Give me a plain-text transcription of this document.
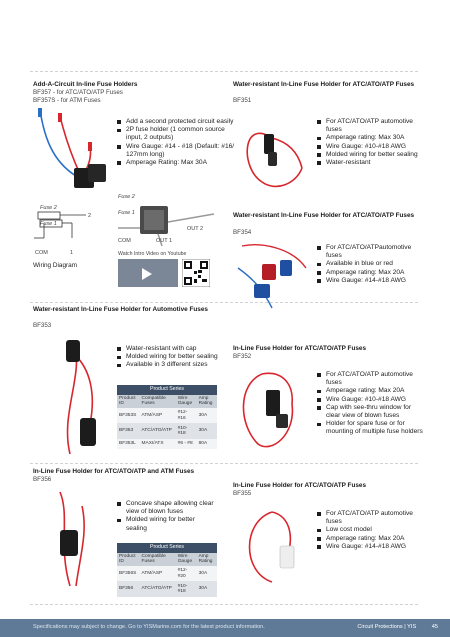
Add-A-Circuit In-line Fuse Holders
BF357 - for ATC/ATO/ATP Fuses
BF357S - for ATM Fuses
Add a second protected circuit easily
2P fuse holder (1 common source input, 2 outputs)
Wire Gauge: #14 - #18 (Default: #16/ 127mm long)
Amperage Rating: Max 30A
Fuse 2
Fuse 1
2
COM	1
Wiring Diagram
Fuse 2
Fuse 1
OUT 2
COM	OUT 1
Watch Intro Video on Youtube
Water-resistant In-Line Fuse Holder for ATC/ATO/ATP Fuses
BF351
For ATC/ATO/ATP automotive fuses
Amperage rating: Max 30A
Wire Gauge: #10-#18 AWG
Molded wiring for better sealing
Water-resistant
Water-resistant In-Line Fuse Holder for ATC/ATO/ATP Fuses
BF354
For ATC/ATO/ATPautomotive fuses
Available in blue or red
Amperage rating: Max 20A
Wire Gauge: #14-#18 AWG
Water-resistant In-Line Fuse Holder for Automotive Fuses
BF353
Water-resistant with cap
Molded wiring for better sealing
Available in 3 different sizes
Product Series			
Product ID	Compatible Fuses	Wire Gauge	Amp Rating
BF353S	ATM/ASP	#12-#16	30A
BF353	ATC/ATO/ATP	#10-#18	30A
BF353L	MAXI/ATX	#6 - #8	80A
In-Line Fuse Holder for ATC/ATO/ATP Fuses
BF352
For ATC/ATO/ATP automotive fuses
Amperage rating: Max 20A
Wire Gauge: #10-#18 AWG
Cap with see-thru window for clear view of blown fuses
Holder for spare fuse or for mounting of multiple fuse holders
In-Line Fuse Holder for ATC/ATO/ATP and ATM Fuses
BF356
Concave shape allowing clear view of blown fuses
Molded wiring for better sealing
Product Series			
Product ID	Compatible Fuses	Wire Gauge	Amp Rating
BF356S	ATM/ASP	#12-#20	30A
BF356	ATC/ATO/ATP	#10-#18	30A
In-Line Fuse Holder for ATC/ATO/ATP Fuses
BF355
For ATC/ATO/ATP automotive fuses
Low cost model
Amperage rating: Max 20A
Wire Gauge: #14-#18 AWG
Specifications may subject to change. Go to YISMarine.com for the latest product information.	Circuit Protections | YIS	45
